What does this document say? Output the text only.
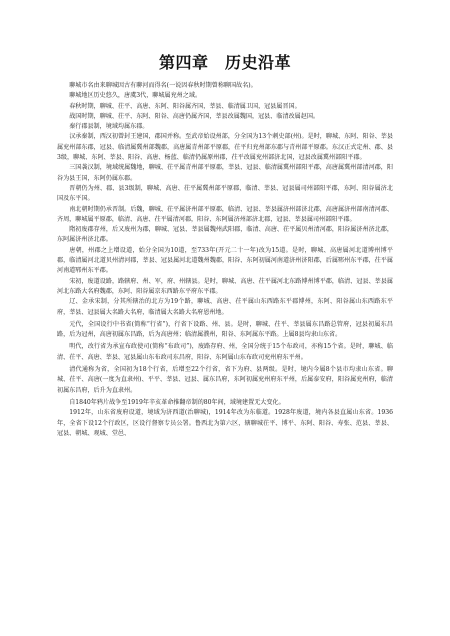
第四章　历史沿革

聊城市名由来聊城因古有聊河而得名(一说因春秋时期曾称聊国故名)。

聊城地区历史悠久，唐虞3代，聊城属兖州之域。

春秋时期，聊城、茌平、高唐、东阿、阳谷属齐国，莘县、临清属卫国，冠县属晋国。

战国时期，聊城、茌平、东阿、阳谷、高唐仍属齐国，莘县改属魏国，冠县、临清改属赵国。

秦行郡县制，境域均属东郡。

汉承秦制，西汉初曾封王建国，郡国并称。至武帝始设州部，分全国为13个刺史部(州)。是时，聊城、东阿、阳谷、莘县属兖州部东郡，冠县、临清属冀州部魏郡，高唐属青州部平原郡，茌平归兖州部东郡与青州部平原郡。东汉正式定州、郡、县3级，聊城、东阿、莘县、阳谷、高唐、杨蓝、临清仍属原州郡，茌平改属兖州部济北国，冠县改属冀州部阳平郡。

三国袭汉制，境域统属魏地，聊城、茌平属青州部平原郡，莘县、冠县、临清属冀州部阳平郡，高唐属冀州部清河郡，阳谷为县王国，东阿仍属东郡。

晋朝仍为州、郡、县3级制，聊城、高唐、茌平属冀州部平原郡，临清、莘县、冠县属司州部阳平郡，东阿、阳谷属济北国及东平国。

南北朝时期仍承晋制。后魏，聊城、茌平属济州部平原郡，临清、冠县、莘县属济州部济北郡，高唐属济州部南清河郡、齐周，聊城属平原郡，临清、高唐、茌平属清河郡，阳谷、东阿属济州部济北郡，冠县、莘县属司州部阳平郡。

隋初废郡存州，后又废州为郡，聊城、冠县、莘县属魏州武阳郡，临清、高唐、茌平属贝州清河郡，阳谷属济州济北郡，东阿属济州济北郡。

唐朝，州郡之上增设道，始分全国为10道，至733年(开元二十一年)改为15道。是时，聊城、高唐属河北道博州博平郡，临清属河北道贝州清河郡，莘县、冠县属河北道魏州魏郡，阳谷、东阿初属河南道济州济阳郡，后属郓州东平郡，茌平属河南道郓州东平郡。

宋初，废道设路，路辖府、州、军，府、州辖县。是时，聊城、高唐、茌平属河北东路博州博平郡，临清、冠县、莘县属河北东路大名府魏郡，东阿、阳谷属京东西路东平府东平郡。

辽、金承宋制，分其所辖治的北方为19个路，聊城、高唐、茌平属山东西路东平郡博州，东阿、阳谷属山东西路东平府，莘县、冠县属大名路大名府，临清属大名路大名府恩州地。

元代，全国设行中书省(简称“行省”)，行省下设路、州、县。是时，聊城、茌平、莘县属东昌路总管府，冠县初属东昌路，后为冠州，高唐初属东昌路，后为高唐州；临清属濮州，阳谷、东阿属东平路。上属8县均隶山东省。

明代，改行省为承宣布政使司(简称“布政司”)，废路存府、州，全国分统于15个布政司，亦称15个省。是时，聊城、临清、茌平、高唐、莘县、冠县属山东布政司东昌府，阳谷、东阿属山东布政司兖州府东平州。

清代通称为省，全国初为18个行省，后增至22个行省，省下为府、县两级。是时，境内今属8个县市均隶山东省。聊城、茌平、高唐(一度为直隶州)、平平、莘县、冠县、属东昌府，东阿初属兖州府东平州，后属泰安府，阳谷属兖州府，临清初属东昌府，后升为直隶州。

自1840年鸦片战争至1919年辛亥革命推翻帝制的80年间，域境建置无大变化。

1912年，山东省废府设道，境域为济西道(治聊城)，1914年改为东临道。1928年废道，境内各县直属山东省。1936年，全省下设12个行政区，区设行督察专员公署。鲁西北为第六区，辖聊城茌平、博平、东阿、阳谷、寿张、范县、莘县、冠县、朝城、观城、堂邑、
